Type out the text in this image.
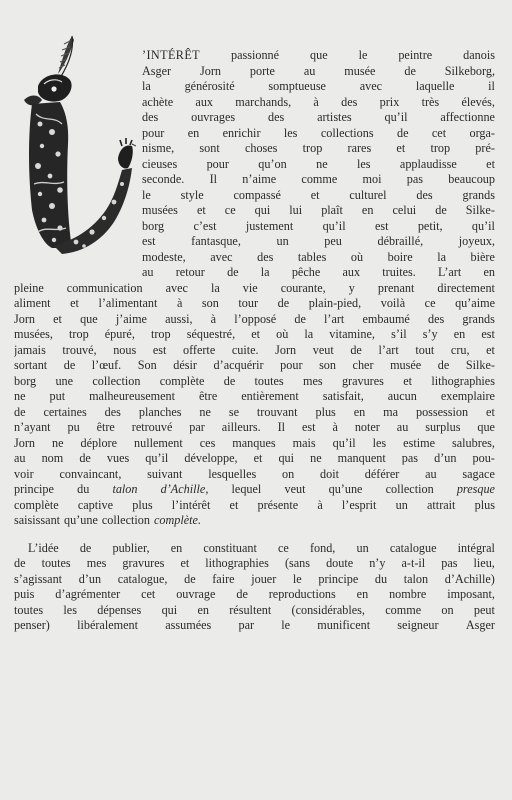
’INTÉRÊT	passionné	que	le	peintre	danois
Asger Jorn porte au musée de Silkeborg,
la	générosité	somptueuse	avec	laquelle	il
achète aux marchands, à des prix très élevés,
des	ouvrages	des	artistes	qu’il	affectionne
pour en enrichir les collections de cet orga-
nisme, sont choses trop rares et trop pré-
cieuses pour qu’on ne les applaudisse et
seconde. Il n’aime comme moi pas beaucoup
le style compassé et culturel des grands
musées et ce qui lui plaît en celui de Silke-
borg c’est justement qu’il est petit, qu’il
est	fantasque,	un	peu	débraillé,	joyeux,
modeste, avec des tables où boire la bière
au retour de la pêche aux truites. L’art en
pleine communication avec la vie courante, y prenant directement
aliment et l’alimentant à son tour de plain-pied, voilà ce qu’aime
Jorn et que j’aime aussi, à l’opposé de l’art embaumé des grands
musées, trop épuré, trop séquestré, et où la vitamine, s’il s’y en est
jamais trouvé, nous est offerte cuite. Jorn veut de l’art tout cru, et
sortant de l’œuf. Son désir d’acquérir pour son cher musée de Silke-
borg une collection complète de toutes mes gravures et lithographies
ne put malheureusement être entièrement satisfait, aucun exemplaire
de certaines des planches ne se trouvant plus en ma possession et
n’ayant pu être retrouvé par ailleurs. Il est à noter au surplus que
Jorn ne déplore nullement ces manques mais qu’il les estime salubres,
au nom de vues qu’il développe, et qui ne manquent pas d’un pou-
voir convaincant, suivant lesquelles on doit déférer au sagace
principe du talon d’Achille, lequel veut qu’une collection presque
complète captive plus l’intérêt et présente à l’esprit un attrait plus
saisissant qu’une collection complète.
L’idée de publier, en constituant ce fond, un catalogue intégral
de toutes mes gravures et lithographies (sans doute n’y a-t-il pas lieu,
s’agissant d’un catalogue, de faire jouer le principe du talon d’Achille)
puis d’agrémenter cet ouvrage de reproductions en nombre imposant,
toutes les dépenses qui en résultent (considérables, comme on peut
penser) libéralement assumées par le munificent seigneur Asger
